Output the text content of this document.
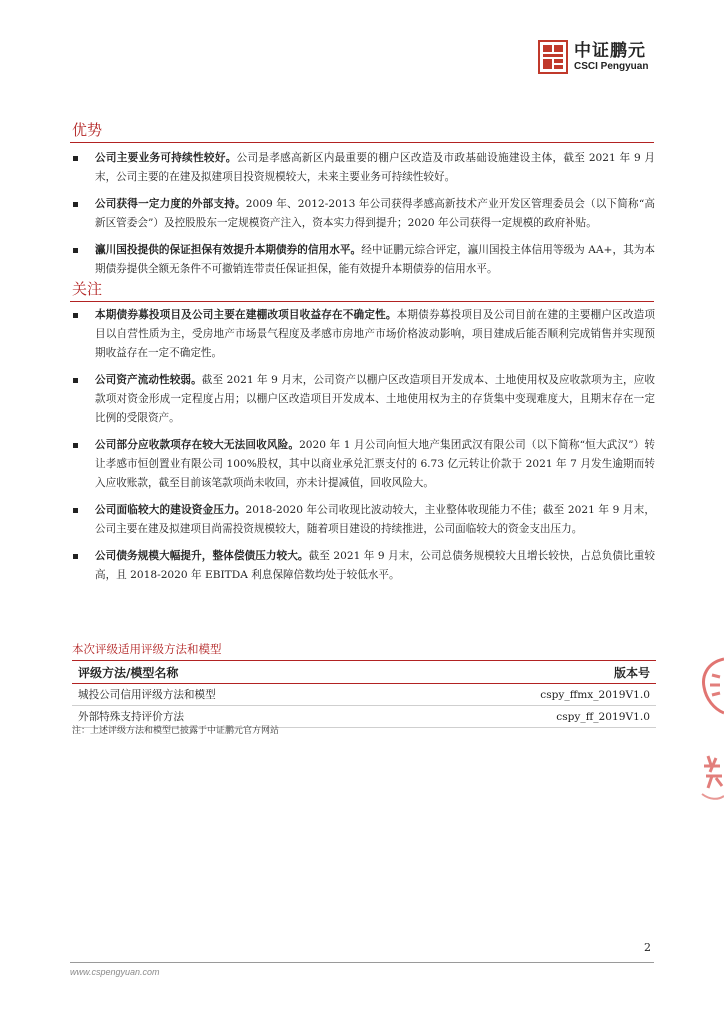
中证鹏元
CSCI Pengyuan
优势
公司主要业务可持续性较好。公司是孝感高新区内最重要的棚户区改造及市政基础设施建设主体，截至 2021 年 9 月末，公司主要的在建及拟建项目投资规模较大，未来主要业务可持续性较好。
公司获得一定力度的外部支持。2009 年、2012-2013 年公司获得孝感高新技术产业开发区管理委员会（以下简称“高新区管委会”）及控股股东一定规模资产注入，资本实力得到提升；2020 年公司获得一定规模的政府补贴。
瀛川国投提供的保证担保有效提升本期债券的信用水平。经中证鹏元综合评定，瀛川国投主体信用等级为 AA+，其为本期债券提供全额无条件不可撤销连带责任保证担保，能有效提升本期债券的信用水平。
关注
本期债券募投项目及公司主要在建棚改项目收益存在不确定性。本期债券募投项目及公司目前在建的主要棚户区改造项目以自营性质为主，受房地产市场景气程度及孝感市房地产市场价格波动影响，项目建成后能否顺利完成销售并实现预期收益存在一定不确定性。
公司资产流动性较弱。截至 2021 年 9 月末，公司资产以棚户区改造项目开发成本、土地使用权及应收款项为主，应收款项对资金形成一定程度占用；以棚户区改造项目开发成本、土地使用权为主的存货集中变现难度大，且期末存在一定比例的受限资产。
公司部分应收款项存在较大无法回收风险。2020 年 1 月公司向恒大地产集团武汉有限公司（以下简称“恒大武汉”）转让孝感市恒创置业有限公司 100%股权，其中以商业承兑汇票支付的 6.73 亿元转让价款于 2021 年 7 月发生逾期而转入应收账款，截至目前该笔款项尚未收回，亦未计提减值，回收风险大。
公司面临较大的建设资金压力。2018-2020 年公司收现比波动较大，主业整体收现能力不佳；截至 2021 年 9 月末，公司主要在建及拟建项目尚需投资规模较大，随着项目建设的持续推进，公司面临较大的资金支出压力。
公司债务规模大幅提升，整体偿债压力较大。截至 2021 年 9 月末，公司总债务规模较大且增长较快，占总负债比重较高，且 2018-2020 年 EBITDA 利息保障倍数均处于较低水平。
本次评级适用评级方法和模型
评级方法/模型名称	版本号
城投公司信用评级方法和模型	cspy_ffmx_2019V1.0
外部特殊支持评价方法	cspy_ff_2019V1.0
注：上述评级方法和模型已披露于中证鹏元官方网站
2
www.cspengyuan.com
